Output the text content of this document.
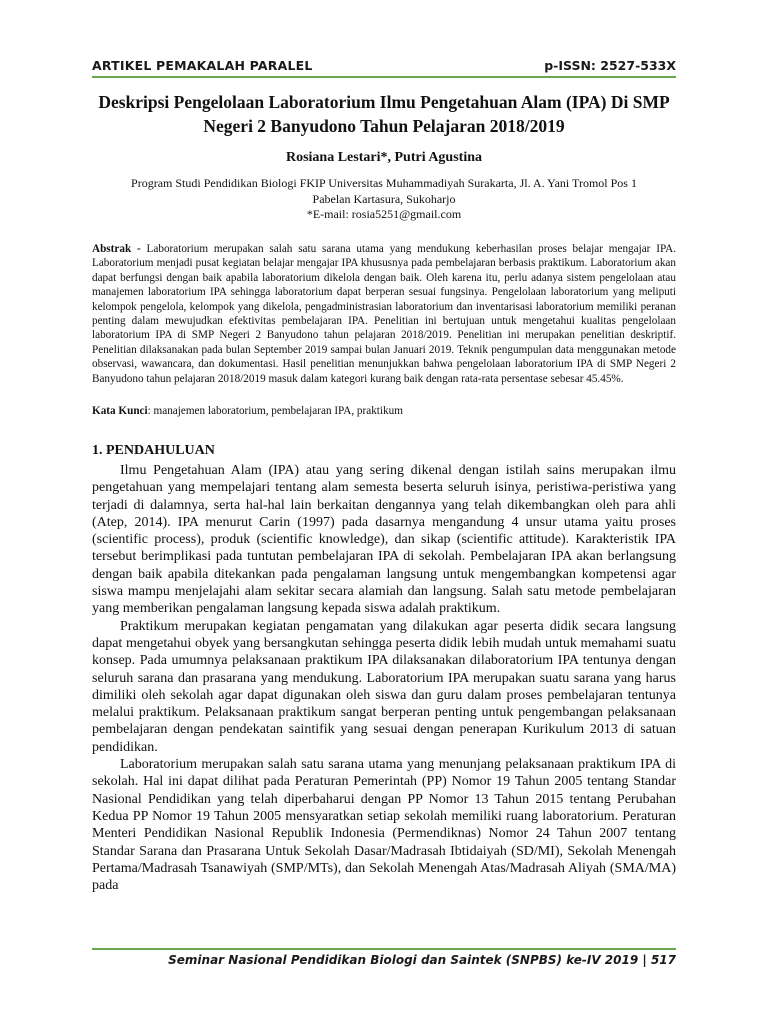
ARTIKEL PEMAKALAH PARALEL	p-ISSN: 2527-533X
Deskripsi Pengelolaan Laboratorium Ilmu Pengetahuan Alam (IPA) Di SMP Negeri 2 Banyudono Tahun Pelajaran 2018/2019
Rosiana Lestari*, Putri Agustina
Program Studi Pendidikan Biologi FKIP Universitas Muhammadiyah Surakarta, Jl. A. Yani Tromol Pos 1
Pabelan Kartasura, Sukoharjo
*E-mail: rosia5251@gmail.com
Abstrak - Laboratorium merupakan salah satu sarana utama yang mendukung keberhasilan proses belajar mengajar IPA. Laboratorium menjadi pusat kegiatan belajar mengajar IPA khususnya pada pembelajaran berbasis praktikum. Laboratorium akan dapat berfungsi dengan baik apabila laboratorium dikelola dengan baik. Oleh karena itu, perlu adanya sistem pengelolaan atau manajemen laboratorium IPA sehingga laboratorium dapat berperan sesuai fungsinya. Pengelolaan laboratorium yang meliputi kelompok pengelola, kelompok yang dikelola, pengadministrasian laboratorium dan inventarisasi laboratorium memiliki peranan penting dalam mewujudkan efektivitas pembelajaran IPA. Penelitian ini bertujuan untuk mengetahui kualitas pengelolaan laboratorium IPA di SMP Negeri 2 Banyudono tahun pelajaran 2018/2019. Penelitian ini merupakan penelitian deskriptif. Penelitian dilaksanakan pada bulan September 2019 sampai bulan Januari 2019. Teknik pengumpulan data menggunakan metode observasi, wawancara, dan dokumentasi. Hasil penelitian menunjukkan bahwa pengelolaan laboratorium IPA di SMP Negeri 2 Banyudono tahun pelajaran 2018/2019 masuk dalam kategori kurang baik dengan rata-rata persentase sebesar 45.45%.
Kata Kunci: manajemen laboratorium, pembelajaran IPA, praktikum
1. PENDAHULUAN

Ilmu Pengetahuan Alam (IPA) atau yang sering dikenal dengan istilah sains merupakan ilmu pengetahuan yang mempelajari tentang alam semesta beserta seluruh isinya, peristiwa-peristiwa yang terjadi di dalamnya, serta hal-hal lain berkaitan dengannya yang telah dikembangkan oleh para ahli (Atep, 2014). IPA menurut Carin (1997) pada dasarnya mengandung 4 unsur utama yaitu proses (scientific process), produk (scientific knowledge), dan sikap (scientific attitude). Karakteristik IPA tersebut berimplikasi pada tuntutan pembelajaran IPA di sekolah. Pembelajaran IPA akan berlangsung dengan baik apabila ditekankan pada pengalaman langsung untuk mengembangkan kompetensi agar siswa mampu menjelajahi alam sekitar secara alamiah dan langsung. Salah satu metode pembelajaran yang memberikan pengalaman langsung kepada siswa adalah praktikum.

Praktikum merupakan kegiatan pengamatan yang dilakukan agar peserta didik secara langsung dapat mengetahui obyek yang bersangkutan sehingga peserta didik lebih mudah untuk memahami suatu konsep. Pada umumnya pelaksanaan praktikum IPA dilaksanakan dilaboratorium IPA tentunya dengan seluruh sarana dan prasarana yang mendukung. Laboratorium IPA merupakan suatu sarana yang harus dimiliki oleh sekolah agar dapat digunakan oleh siswa dan guru dalam proses pembelajaran tentunya melalui praktikum. Pelaksanaan praktikum sangat berperan penting untuk pengembangan pelaksanaan pembelajaran dengan pendekatan saintifik yang sesuai dengan penerapan Kurikulum 2013 di satuan pendidikan.

Laboratorium merupakan salah satu sarana utama yang menunjang pelaksanaan praktikum IPA di sekolah. Hal ini dapat dilihat pada Peraturan Pemerintah (PP) Nomor 19 Tahun 2005 tentang Standar Nasional Pendidikan yang telah diperbaharui dengan PP Nomor 13 Tahun 2015 tentang Perubahan Kedua PP Nomor 19 Tahun 2005 mensyaratkan setiap sekolah memiliki ruang laboratorium. Peraturan Menteri Pendidikan Nasional Republik Indonesia (Permendiknas) Nomor 24 Tahun 2007 tentang Standar Sarana dan Prasarana Untuk Sekolah Dasar/Madrasah Ibtidaiyah (SD/MI), Sekolah Menengah Pertama/Madrasah Tsanawiyah (SMP/MTs), dan Sekolah Menengah Atas/Madrasah Aliyah (SMA/MA) pada

Seminar Nasional Pendidikan Biologi dan Saintek (SNPBS) ke-IV 2019 | 517
